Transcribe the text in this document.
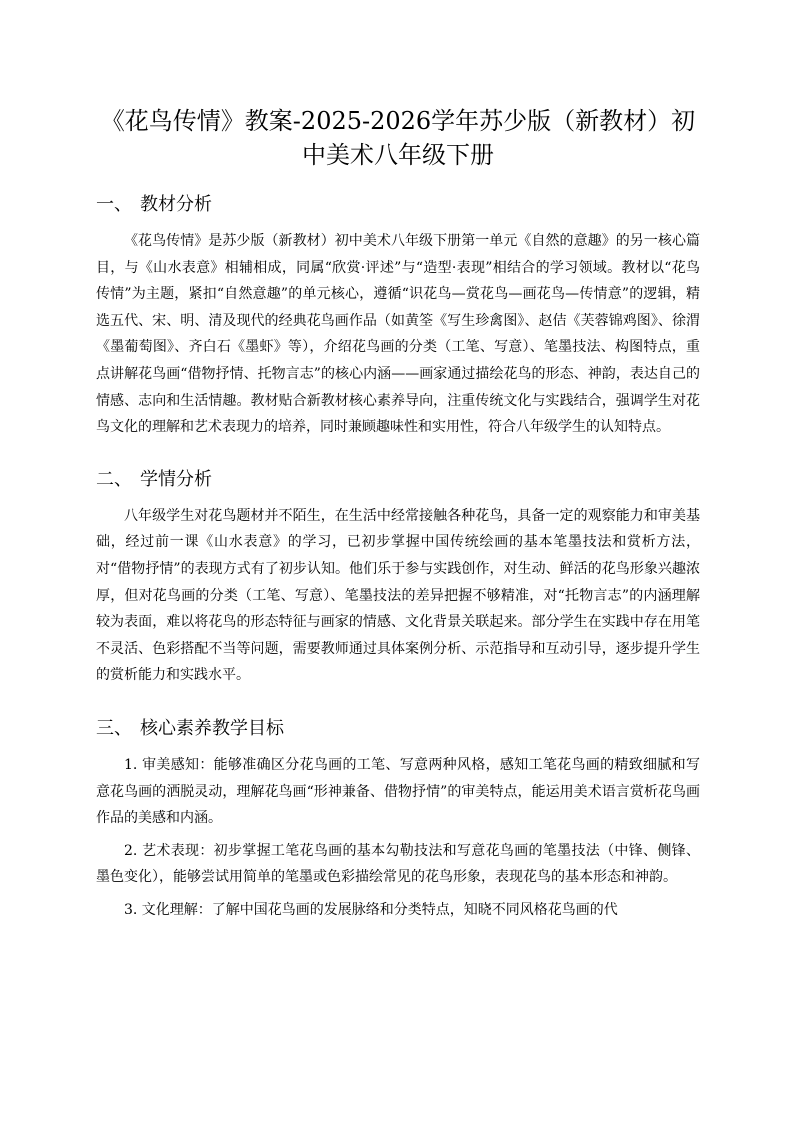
《花鸟传情》教案-2025-2026学年苏少版（新教材）初中美术八年级下册
一、 教材分析

《花鸟传情》是苏少版（新教材）初中美术八年级下册第一单元《自然的意趣》的另一核心篇目，与《山水表意》相辅相成，同属“欣赏·评述”与“造型·表现”相结合的学习领域。教材以“花鸟传情”为主题，紧扣“自然意趣”的单元核心，遵循“识花鸟—赏花鸟—画花鸟—传情意”的逻辑，精选五代、宋、明、清及现代的经典花鸟画作品（如黄筌《写生珍禽图》、赵佶《芙蓉锦鸡图》、徐渭《墨葡萄图》、齐白石《墨虾》等），介绍花鸟画的分类（工笔、写意）、笔墨技法、构图特点，重点讲解花鸟画“借物抒情、托物言志”的核心内涵——画家通过描绘花鸟的形态、神韵，表达自己的情感、志向和生活情趣。教材贴合新教材核心素养导向，注重传统文化与实践结合，强调学生对花鸟文化的理解和艺术表现力的培养，同时兼顾趣味性和实用性，符合八年级学生的认知特点。

二、 学情分析

八年级学生对花鸟题材并不陌生，在生活中经常接触各种花鸟，具备一定的观察能力和审美基础，经过前一课《山水表意》的学习，已初步掌握中国传统绘画的基本笔墨技法和赏析方法，对“借物抒情”的表现方式有了初步认知。他们乐于参与实践创作，对生动、鲜活的花鸟形象兴趣浓厚，但对花鸟画的分类（工笔、写意）、笔墨技法的差异把握不够精准，对“托物言志”的内涵理解较为表面，难以将花鸟的形态特征与画家的情感、文化背景关联起来。部分学生在实践中存在用笔不灵活、色彩搭配不当等问题，需要教师通过具体案例分析、示范指导和互动引导，逐步提升学生的赏析能力和实践水平。

三、 核心素养教学目标

1. 审美感知：能够准确区分花鸟画的工笔、写意两种风格，感知工笔花鸟画的精致细腻和写意花鸟画的洒脱灵动，理解花鸟画“形神兼备、借物抒情”的审美特点，能运用美术语言赏析花鸟画作品的美感和内涵。

2. 艺术表现：初步掌握工笔花鸟画的基本勾勒技法和写意花鸟画的笔墨技法（中锋、侧锋、墨色变化），能够尝试用简单的笔墨或色彩描绘常见的花鸟形象，表现花鸟的基本形态和神韵。

3. 文化理解：了解中国花鸟画的发展脉络和分类特点，知晓不同风格花鸟画的代
